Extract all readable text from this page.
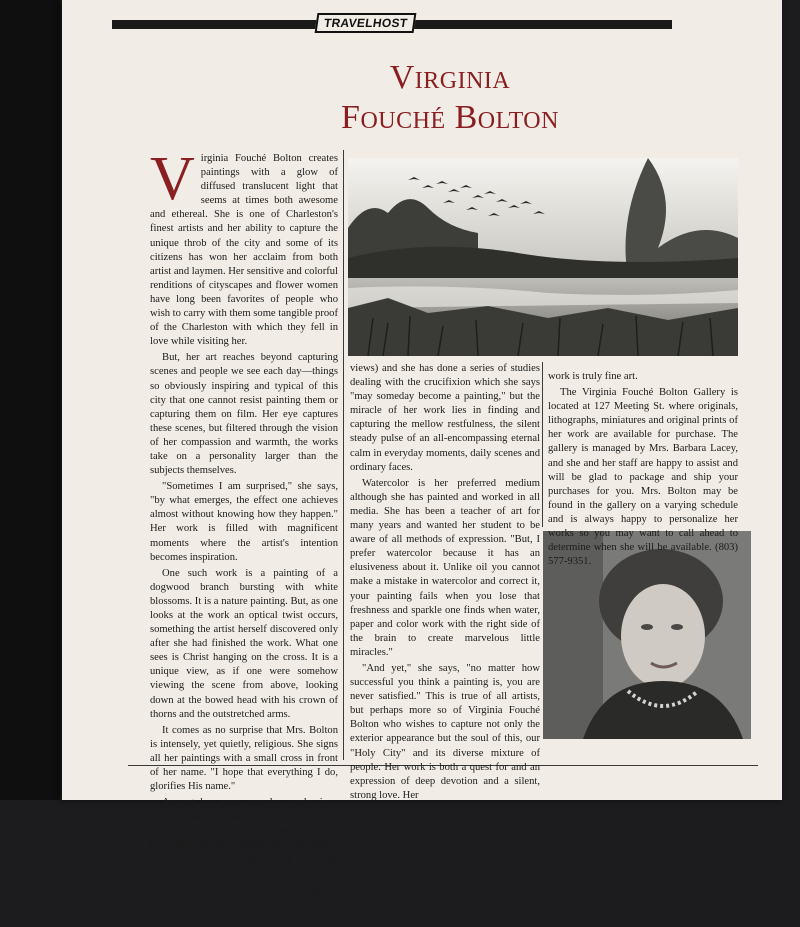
TRAVELHOST
Virginia
Fouché Bolton

Virginia Fouché Bolton creates paintings with a glow of diffused translucent light that seems at times both awesome and ethereal. She is one of Charleston's finest artists and her ability to capture the unique throb of the city and some of its citizens has won her acclaim from both artist and laymen. Her sensitive and colorful renditions of cityscapes and flower women have long been favorites of people who wish to carry with them some tangible proof of the Charleston with which they fell in love while visiting her.

But, her art reaches beyond capturing scenes and people we see each day—things so obviously inspiring and typical of this city that one cannot resist painting them or capturing them on film. Her eye captures these scenes, but filtered through the vision of her compassion and warmth, the works take on a personality larger than the subjects themselves.

"Sometimes I am surprised," she says, "by what emerges, the effect one achieves almost without knowing how they happen." Her work is filled with magnificent moments where the artist's intention becomes inspiration.

One such work is a painting of a dogwood branch bursting with white blossoms. It is a nature painting. But, as one looks at the work an optical twist occurs, something the artist herself discovered only after she had finished the work. What one sees is Christ hanging on the cross. It is a unique view, as if one were somehow viewing the scene from above, looking down at the bowed head with his crown of thorns and the outstretched arms.

It comes as no surprise that Mrs. Bolton is intensely, yet quietly, religious. She signs all her paintings with a small cross in front of her name. "I hope that everything I do, glorifies His name."

Among her more popular works is a series of black faces—people she sees in the rural community of Edisto Island where she lives. Painted with compelling compassion, these are the faces mellowed by a lifetime of bittersweet experience.

Her subjects are very rarely religious. She does paint churches (both interior and exterior

views) and she has done a series of studies dealing with the crucifixion which she says "may someday become a painting," but the miracle of her work lies in finding and capturing the mellow restfulness, the silent steady pulse of an all-encompassing eternal calm in everyday moments, daily scenes and ordinary faces.

Watercolor is her preferred medium although she has painted and worked in all media. She has been a teacher of art for many years and wanted her student to be aware of all methods of expression. "But, I prefer watercolor because it has an elusiveness about it. Unlike oil you cannot make a mistake in watercolor and correct it, your painting fails when you lose that freshness and sparkle one finds when water, paper and color work with the right side of the brain to create marvelous little miracles."

"And yet," she says, "no matter how successful you think a painting is, you are never satisfied." This is true of all artists, but perhaps more so of Virginia Fouché Bolton who wishes to capture not only the exterior appearance but the soul of this, our "Holy City" and its diverse mixture of people. Her work is both a quest for and an expression of deep devotion and a silent, strong love. Her

work is truly fine art.

The Virginia Fouché Bolton Gallery is located at 127 Meeting St. where originals, lithographs, miniatures and original prints of her work are available for purchase. The gallery is managed by Mrs. Barbara Lacey, and she and her staff are happy to assist and will be glad to package and ship your purchases for you. Mrs. Bolton may be found in the gallery on a varying schedule and is always happy to personalize her works so you may want to call ahead to determine when she will be available. (803) 577-9351.
